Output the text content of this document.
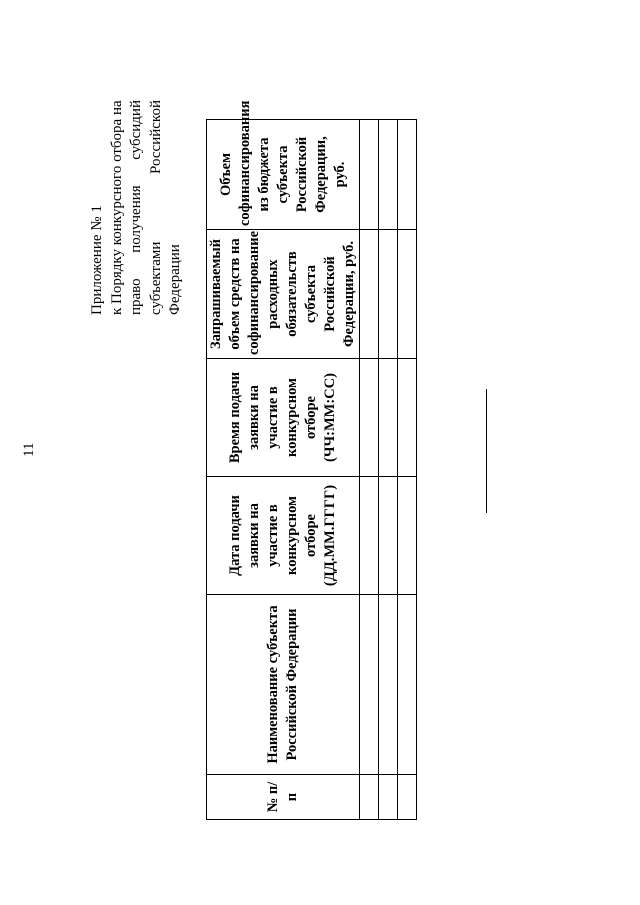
11
Приложение № 1 к Порядку конкурсного отбора на право
получения
субсидий
субъектами
Российской
Федерации
№ п/п	Наименование субъекта Российской Федерации	Дата подачи заявки на участие в конкурсном отборе (ДД.ММ.ГГГГ)	Время подачи заявки на участие в конкурсном отборе (ЧЧ:ММ:СС)	Запрашиваемый объем средств на софинансирование расходных обязательств субъекта Российской Федерации, руб.	Объем софинансирования из бюджета субъекта Российской Федерации, руб.
